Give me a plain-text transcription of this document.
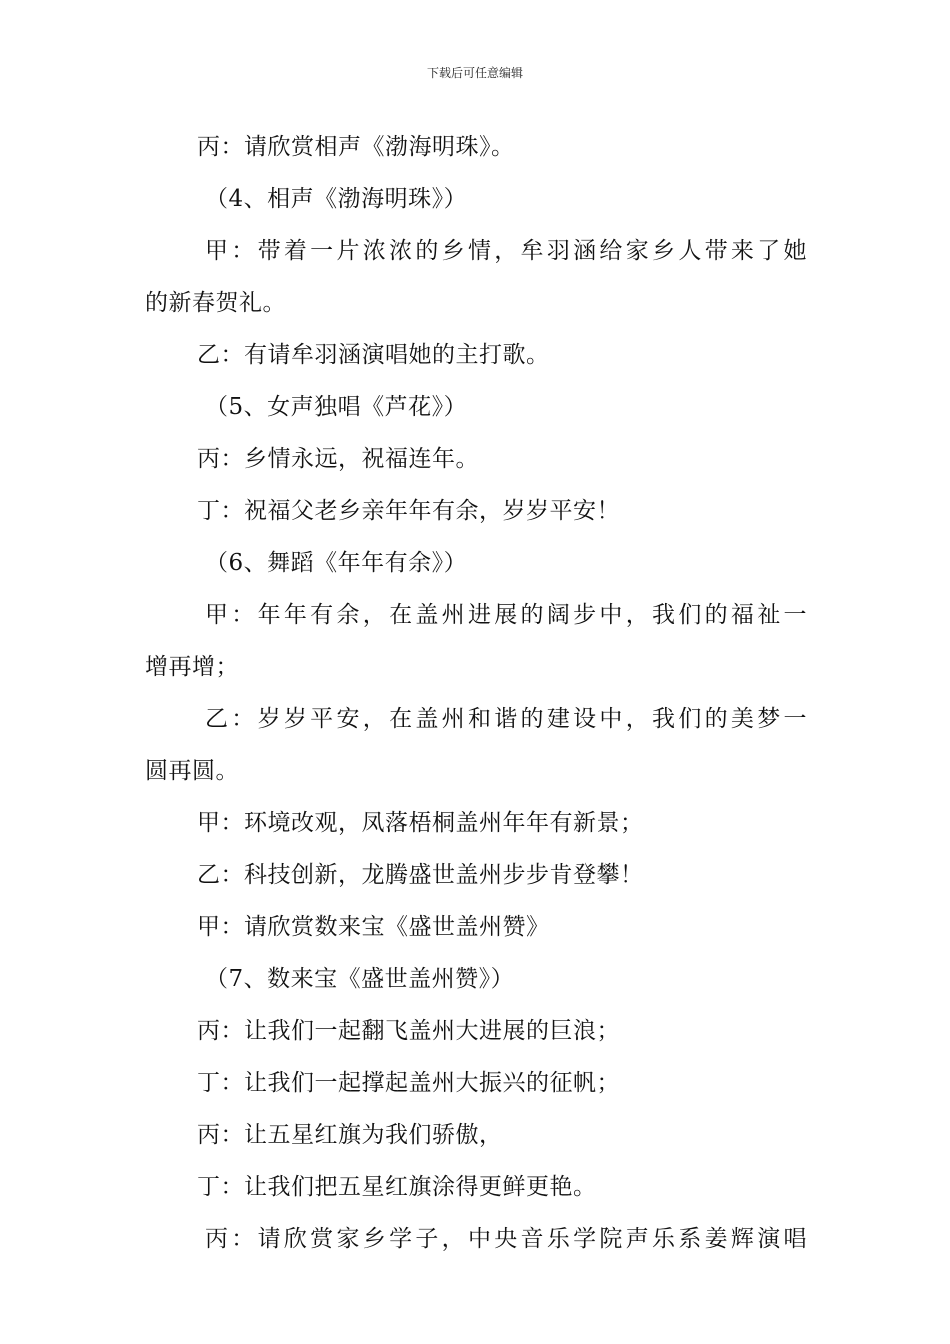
下载后可任意编辑
丙：请欣赏相声《渤海明珠》。
（4、相声《渤海明珠》）
甲：带着一片浓浓的乡情，牟羽涵给家乡人带来了她
的新春贺礼。
乙：有请牟羽涵演唱她的主打歌。
（5、女声独唱《芦花》）
丙：乡情永远，祝福连年。
丁：祝福父老乡亲年年有余，岁岁平安！
（6、舞蹈《年年有余》）
甲：年年有余，在盖州进展的阔步中，我们的福祉一
增再增；
乙：岁岁平安，在盖州和谐的建设中，我们的美梦一
圆再圆。
甲：环境改观，凤落梧桐盖州年年有新景；
乙：科技创新，龙腾盛世盖州步步肯登攀！
甲：请欣赏数来宝《盛世盖州赞》
（7、数来宝《盛世盖州赞》）
丙：让我们一起翻飞盖州大进展的巨浪；
丁：让我们一起撑起盖州大振兴的征帆；
丙：让五星红旗为我们骄傲，
丁：让我们把五星红旗涂得更鲜更艳。
丙：请欣赏家乡学子，中央音乐学院声乐系姜辉演唱
